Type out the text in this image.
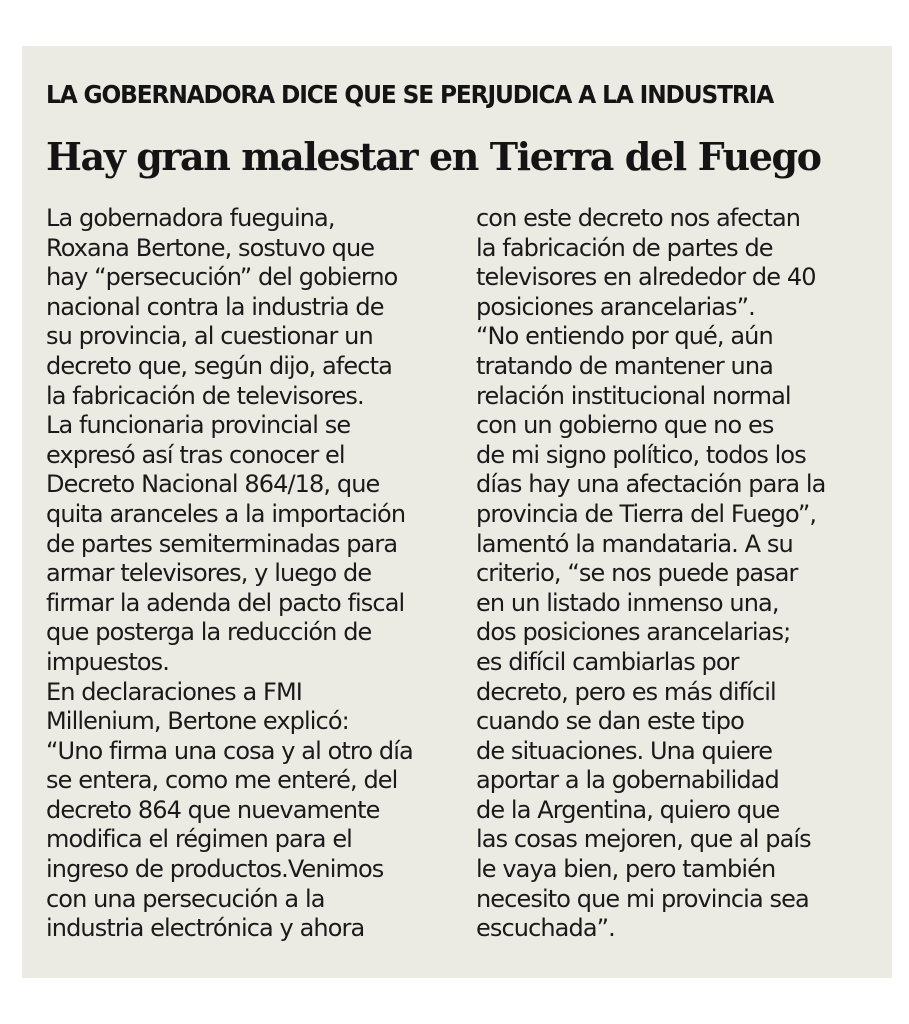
LA GOBERNADORA DICE QUE SE PERJUDICA A LA INDUSTRIA
Hay gran malestar en Tierra del Fuego
La gobernadora fueguina,
Roxana Bertone, sostuvo que
hay “persecución” del gobierno
nacional contra la industria de
su provincia, al cuestionar un
decreto que, según dijo, afecta
la fabricación de televisores.
La funcionaria provincial se
expresó así tras conocer el
Decreto Nacional 864/18, que
quita aranceles a la importación
de partes semiterminadas para
armar televisores, y luego de
firmar la adenda del pacto fiscal
que posterga la reducción de
impuestos.
En declaraciones a FMI
Millenium, Bertone explicó:
“Uno firma una cosa y al otro día
se entera, como me enteré, del
decreto 864 que nuevamente
modifica el régimen para el
ingreso de productos.Venimos
con una persecución a la
industria electrónica y ahora
con este decreto nos afectan
la fabricación de partes de
televisores en alrededor de 40
posiciones arancelarias”.
“No entiendo por qué, aún
tratando de mantener una
relación institucional normal
con un gobierno que no es
de mi signo político, todos los
días hay una afectación para la
provincia de Tierra del Fuego”,
lamentó la mandataria. A su
criterio, “se nos puede pasar
en un listado inmenso una,
dos posiciones arancelarias;
es difícil cambiarlas por
decreto, pero es más difícil
cuando se dan este tipo
de situaciones. Una quiere
aportar a la gobernabilidad
de la Argentina, quiero que
las cosas mejoren, que al país
le vaya bien, pero también
necesito que mi provincia sea
escuchada”.
